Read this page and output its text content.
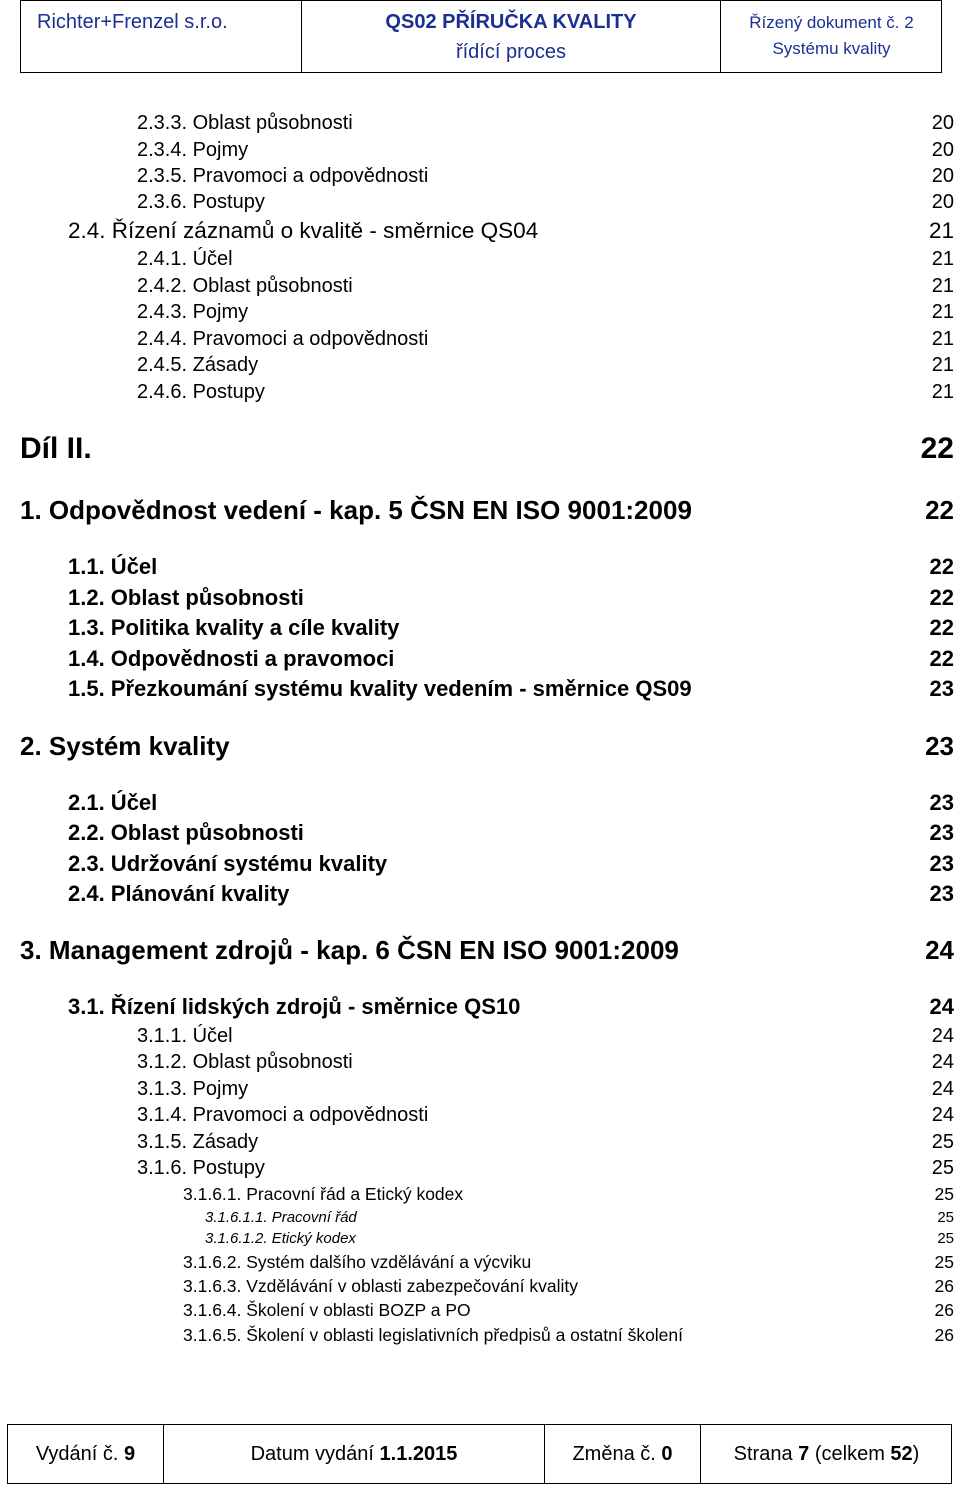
Richter+Frenzel s.r.o.	QS02 PŘÍRUČKA KVALITY
řídící proces
Řízený dokument č. 2
Systému kvality
2.3.3. Oblast působnosti	20
2.3.4. Pojmy	20
2.3.5. Pravomoci a odpovědnosti	20
2.3.6. Postupy	20
2.4. Řízení záznamů o kvalitě - směrnice QS04	21
2.4.1. Účel	21
2.4.2. Oblast působnosti	21
2.4.3. Pojmy	21
2.4.4. Pravomoci a odpovědnosti	21
2.4.5. Zásady	21
2.4.6. Postupy	21
Díl II.	22
1. Odpovědnost vedení - kap. 5 ČSN EN ISO 9001:2009	22
1.1. Účel	22
1.2. Oblast působnosti	22
1.3. Politika kvality a cíle kvality	22
1.4. Odpovědnosti a pravomoci	22
1.5. Přezkoumání systému kvality vedením - směrnice QS09	23
2. Systém kvality	23
2.1. Účel	23
2.2. Oblast působnosti	23
2.3. Udržování systému kvality	23
2.4. Plánování kvality	23
3. Management zdrojů - kap. 6 ČSN EN ISO 9001:2009	24
3.1. Řízení lidských zdrojů - směrnice QS10	24
3.1.1. Účel	24
3.1.2. Oblast působnosti	24
3.1.3. Pojmy	24
3.1.4. Pravomoci a odpovědnosti	24
3.1.5. Zásady	25
3.1.6. Postupy	25
3.1.6.1. Pracovní řád a Etický kodex	25
3.1.6.1.1. Pracovní řád	25
3.1.6.1.2. Etický kodex	25
3.1.6.2. Systém dalšího vzdělávání a výcviku	25
3.1.6.3. Vzdělávání v oblasti zabezpečování kvality	26
3.1.6.4. Školení v oblasti BOZP a PO	26
3.1.6.5. Školení v oblasti legislativních předpisů a ostatní školení	26
Vydání č. 9	Datum vydání 1.1.2015	Změna č. 0	Strana 7 (celkem 52)
